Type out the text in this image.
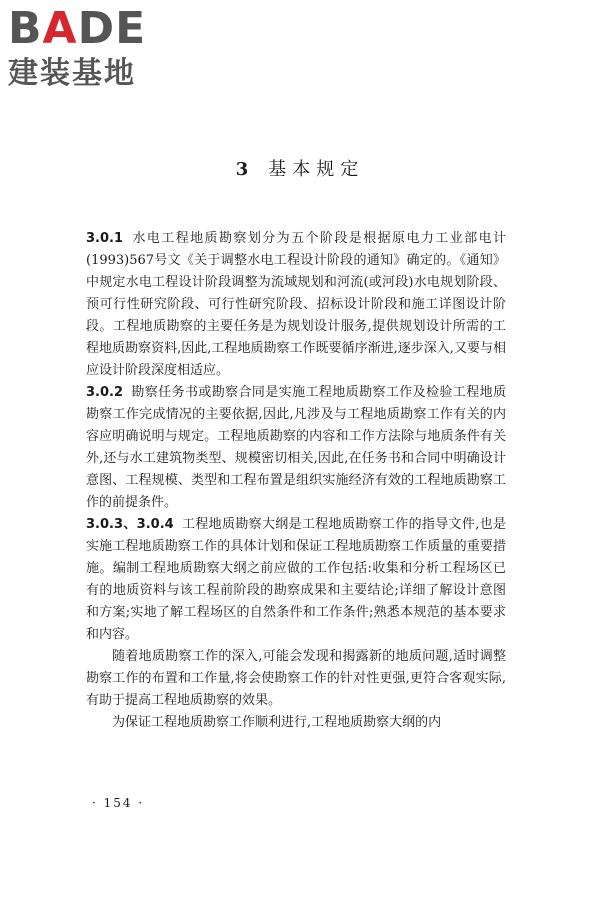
BADE
建装基地
3 基本规定

3.0.1 水电工程地质勘察划分为五个阶段是根据原电力工业部电计(1993)567号文《关于调整水电工程设计阶段的通知》确定的。《通知》中规定水电工程设计阶段调整为流域规划和河流(或河段)水电规划阶段、预可行性研究阶段、可行性研究阶段、招标设计阶段和施工详图设计阶段。工程地质勘察的主要任务是为规划设计服务,提供规划设计所需的工程地质勘察资料,因此,工程地质勘察工作既要循序渐进,逐步深入,又要与相应设计阶段深度相适应。

3.0.2 勘察任务书或勘察合同是实施工程地质勘察工作及检验工程地质勘察工作完成情况的主要依据,因此,凡涉及与工程地质勘察工作有关的内容应明确说明与规定。工程地质勘察的内容和工作方法除与地质条件有关外,还与水工建筑物类型、规模密切相关,因此,在任务书和合同中明确设计意图、工程规模、类型和工程布置是组织实施经济有效的工程地质勘察工作的前提条件。

3.0.3、3.0.4 工程地质勘察大纲是工程地质勘察工作的指导文件,也是实施工程地质勘察工作的具体计划和保证工程地质勘察工作质量的重要措施。编制工程地质勘察大纲之前应做的工作包括:收集和分析工程场区已有的地质资料与该工程前阶段的勘察成果和主要结论;详细了解设计意图和方案;实地了解工程场区的自然条件和工作条件;熟悉本规范的基本要求和内容。

随着地质勘察工作的深入,可能会发现和揭露新的地质问题,适时调整勘察工作的布置和工作量,将会使勘察工作的针对性更强,更符合客观实际,有助于提高工程地质勘察的效果。

为保证工程地质勘察工作顺利进行,工程地质勘察大纲的内

· 154 ·
